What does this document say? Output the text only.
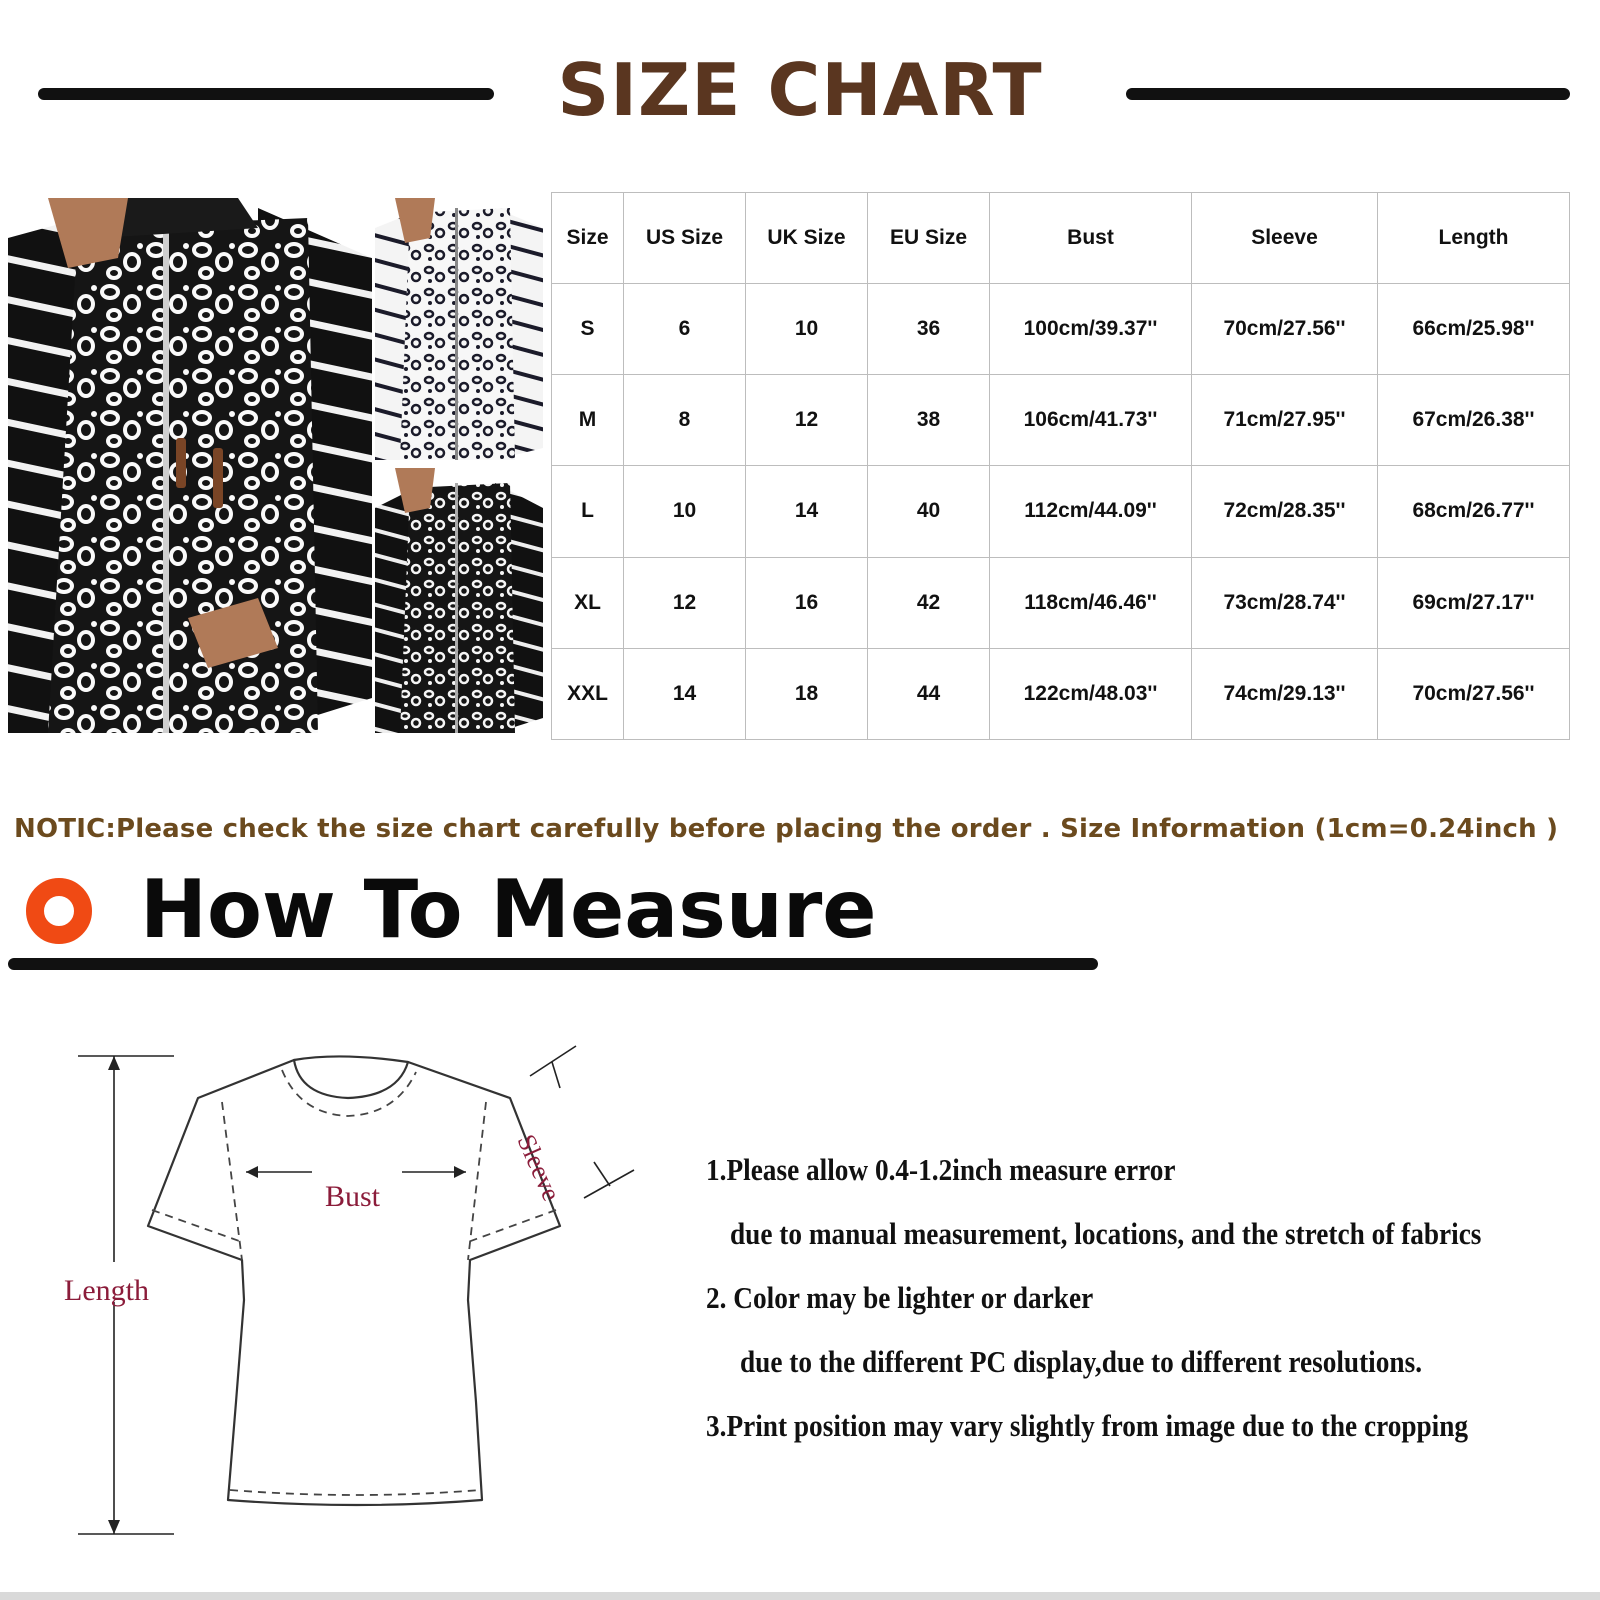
SIZE CHART
Size	US Size	UK Size	EU Size	Bust	Sleeve	Length
S	6	10	36	100cm/39.37''	70cm/27.56''	66cm/25.98''
M	8	12	38	106cm/41.73''	71cm/27.95''	67cm/26.38''
L	10	14	40	112cm/44.09''	72cm/28.35''	68cm/26.77''
XL	12	16	42	118cm/46.46''	73cm/28.74''	69cm/27.17''
XXL	14	18	44	122cm/48.03''	74cm/29.13''	70cm/27.56''
NOTIC:Please check the size chart carefully before placing the order . Size Information (1cm=0.24inch )
How To Measure
Bust
Length
Sleeve	1.Please allow 0.4-1.2inch measure error
due to manual measurement, locations, and the stretch of fabrics
2. Color may be lighter or darker
due to the different PC display,due to different resolutions.
3.Print position may vary slightly from image due to the cropping
